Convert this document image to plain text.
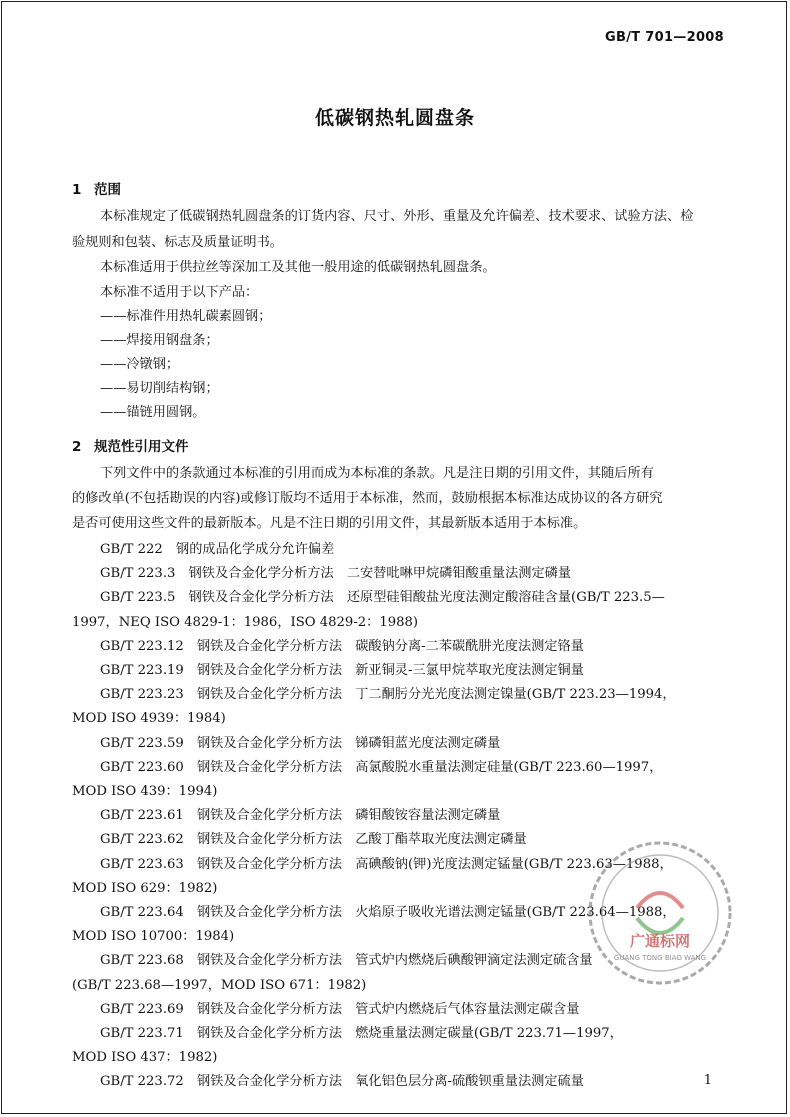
GB/T 701—2008
低碳钢热轧圆盘条
1 范围
本标准规定了低碳钢热轧圆盘条的订货内容、尺寸、外形、重量及允许偏差、技术要求、试验方法、检
验规则和包装、标志及质量证明书。
本标准适用于供拉丝等深加工及其他一般用途的低碳钢热轧圆盘条。
本标准不适用于以下产品：
——标准件用热轧碳素圆钢；
——焊接用钢盘条；
——冷镦钢；
——易切削结构钢；
——锚链用圆钢。
2 规范性引用文件
下列文件中的条款通过本标准的引用而成为本标准的条款。凡是注日期的引用文件，其随后所有
的修改单(不包括勘误的内容)或修订版均不适用于本标准，然而，鼓励根据本标准达成协议的各方研究
是否可使用这些文件的最新版本。凡是不注日期的引用文件，其最新版本适用于本标准。
GB/T 222　 钢的成品化学成分允许偏差
GB/T 223.3　 钢铁及合金化学分析方法　二安替吡啉甲烷磷钼酸重量法测定磷量
GB/T 223.5　 钢铁及合金化学分析方法　还原型硅钼酸盐光度法测定酸溶硅含量(GB/T 223.5—
1997，NEQ ISO 4829-1：1986，ISO 4829-2：1988)
GB/T 223.12　 钢铁及合金化学分析方法　碳酸钠分离-二苯碳酰肼光度法测定铬量
GB/T 223.19　 钢铁及合金化学分析方法　新亚铜灵-三氯甲烷萃取光度法测定铜量
GB/T 223.23　 钢铁及合金化学分析方法　丁二酮肟分光光度法测定镍量(GB/T 223.23—1994，
MOD ISO 4939：1984)
GB/T 223.59　 钢铁及合金化学分析方法　锑磷钼蓝光度法测定磷量
GB/T 223.60　 钢铁及合金化学分析方法　高氯酸脱水重量法测定硅量(GB/T 223.60—1997，
MOD ISO 439：1994)
GB/T 223.61　 钢铁及合金化学分析方法　磷钼酸铵容量法测定磷量
GB/T 223.62　 钢铁及合金化学分析方法　乙酸丁酯萃取光度法测定磷量
GB/T 223.63　 钢铁及合金化学分析方法　高碘酸钠(钾)光度法测定锰量(GB/T 223.63—1988，
MOD ISO 629：1982)
GB/T 223.64　 钢铁及合金化学分析方法　火焰原子吸收光谱法测定锰量(GB/T 223.64—1988，
MOD ISO 10700：1984)
GB/T 223.68　 钢铁及合金化学分析方法　管式炉内燃烧后碘酸钾滴定法测定硫含量
(GB/T 223.68—1997，MOD ISO 671：1982)
GB/T 223.69　 钢铁及合金化学分析方法　管式炉内燃烧后气体容量法测定碳含量
GB/T 223.71　 钢铁及合金化学分析方法　燃烧重量法测定碳量(GB/T 223.71—1997，
MOD ISO 437：1982)
GB/T 223.72　 钢铁及合金化学分析方法　氧化铝色层分离-硫酸钡重量法测定硫量	1
广通标网
GUANG TONG BIAO WANG
